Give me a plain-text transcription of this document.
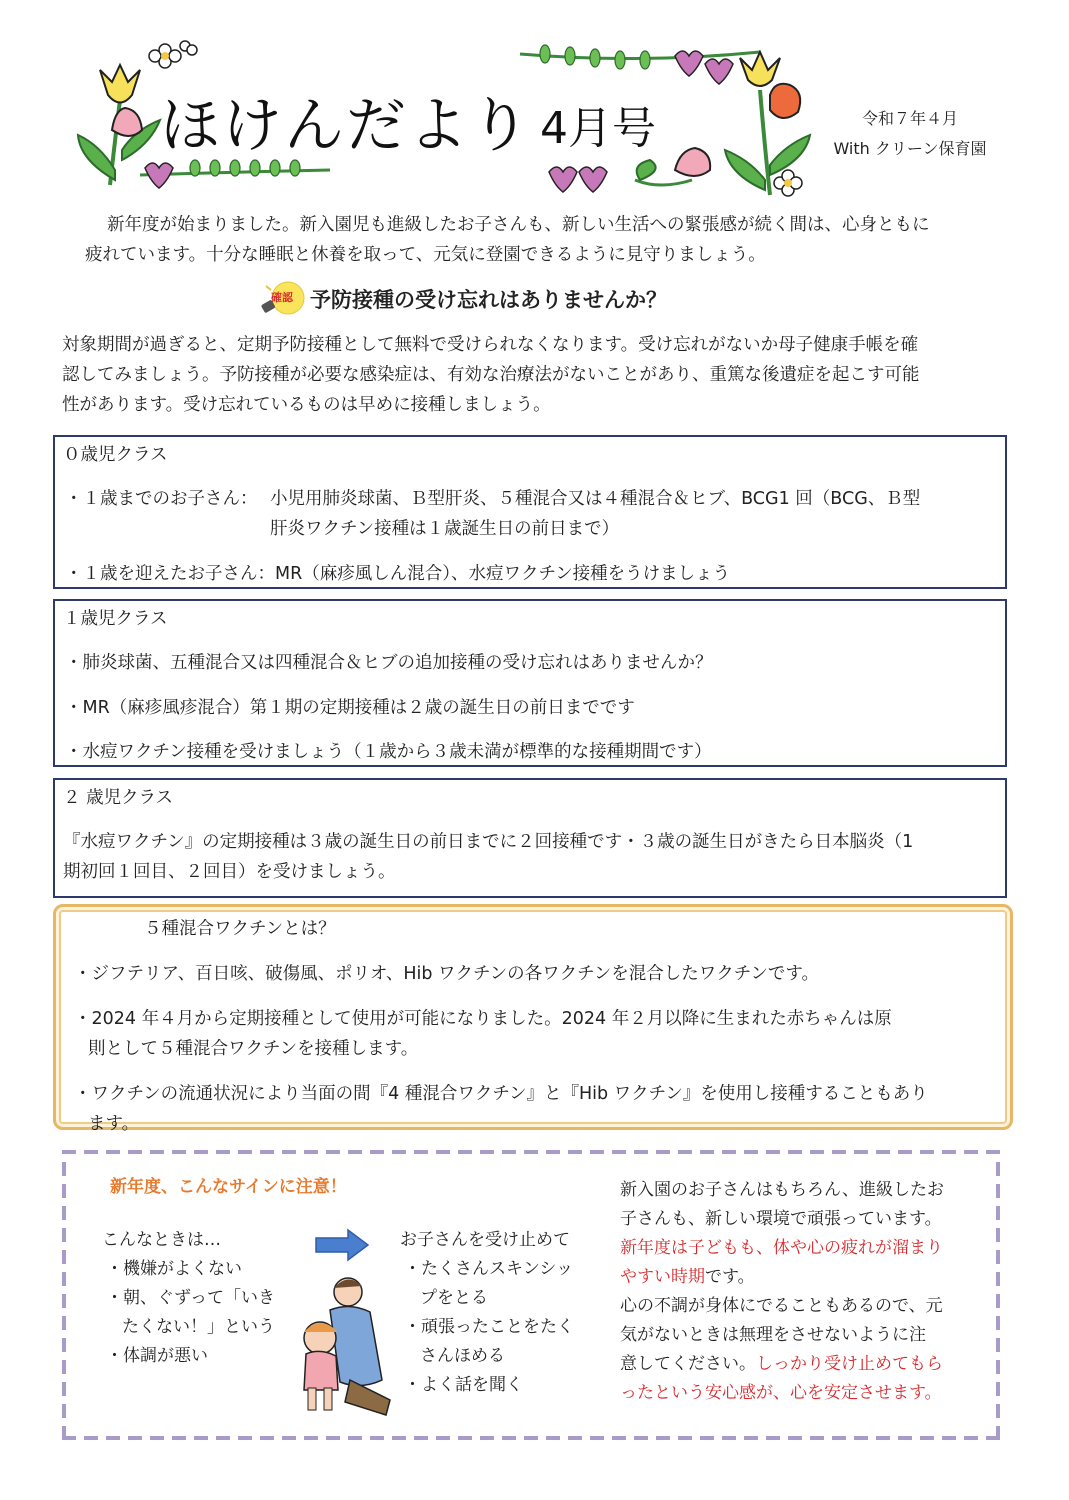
ほけんだより 4月号	令和７年４月
With クリーン保育園

新年度が始まりました。新入園児も進級したお子さんも、新しい生活への緊張感が続く間は、心身ともに

疲れています。十分な睡眠と休養を取って、元気に登園できるように見守りましょう。

確認 予防接種の受け忘れはありませんか？
対象期間が過ぎると、定期予防接種として無料で受けられなくなります。受け忘れがないか母子健康手帳を確
認してみましょう。予防接種が必要な感染症は、有効な治療法がないことがあり、重篤な後遺症を起こす可能
性があります。受け忘れているものは早めに接種しましょう。
０歳児クラス
・１歳までのお子さん： 小児用肺炎球菌、Ｂ型肝炎、５種混合又は４種混合＆ヒブ、BCG1 回（BCG、Ｂ型
肝炎ワクチン接種は１歳誕生日の前日まで）
・１歳を迎えたお子さん：MR（麻疹風しん混合）、水痘ワクチン接種をうけましょう
１歳児クラス
・肺炎球菌、五種混合又は四種混合＆ヒブの追加接種の受け忘れはありませんか？
・MR（麻疹風疹混合）第１期の定期接種は２歳の誕生日の前日までです
・水痘ワクチン接種を受けましょう（１歳から３歳未満が標準的な接種期間です）
２ 歳児クラス
『水痘ワクチン』の定期接種は３歳の誕生日の前日までに２回接種です・３歳の誕生日がきたら日本脳炎（1
期初回１回目、２回目）を受けましょう。
５種混合ワクチンとは？
・ジフテリア、百日咳、破傷風、ポリオ、Hib ワクチンの各ワクチンを混合したワクチンです。
・2024 年４月から定期接種として使用が可能になりました。2024 年２月以降に生まれた赤ちゃんは原
則として５種混合ワクチンを接種します。
・ワクチンの流通状況により当面の間『4 種混合ワクチン』と『Hib ワクチン』を使用し接種することもあり
ます。
新年度、こんなサインに注意！
こんなときは…
・機嫌がよくない
・朝、ぐずって「いき
たくない！」という
・体調が悪い
お子さんを受け止めて
・たくさんスキンシッ
プをとる
・頑張ったことをたく
さんほめる
・よく話を聞く
新入園のお子さんはもちろん、進級したお
子さんも、新しい環境で頑張っています。
新年度は子どもも、体や心の疲れが溜まり
やすい時期です。
心の不調が身体にでることもあるので、元
気がないときは無理をさせないように注
意してください。しっかり受け止めてもら
ったという安心感が、心を安定させます。
